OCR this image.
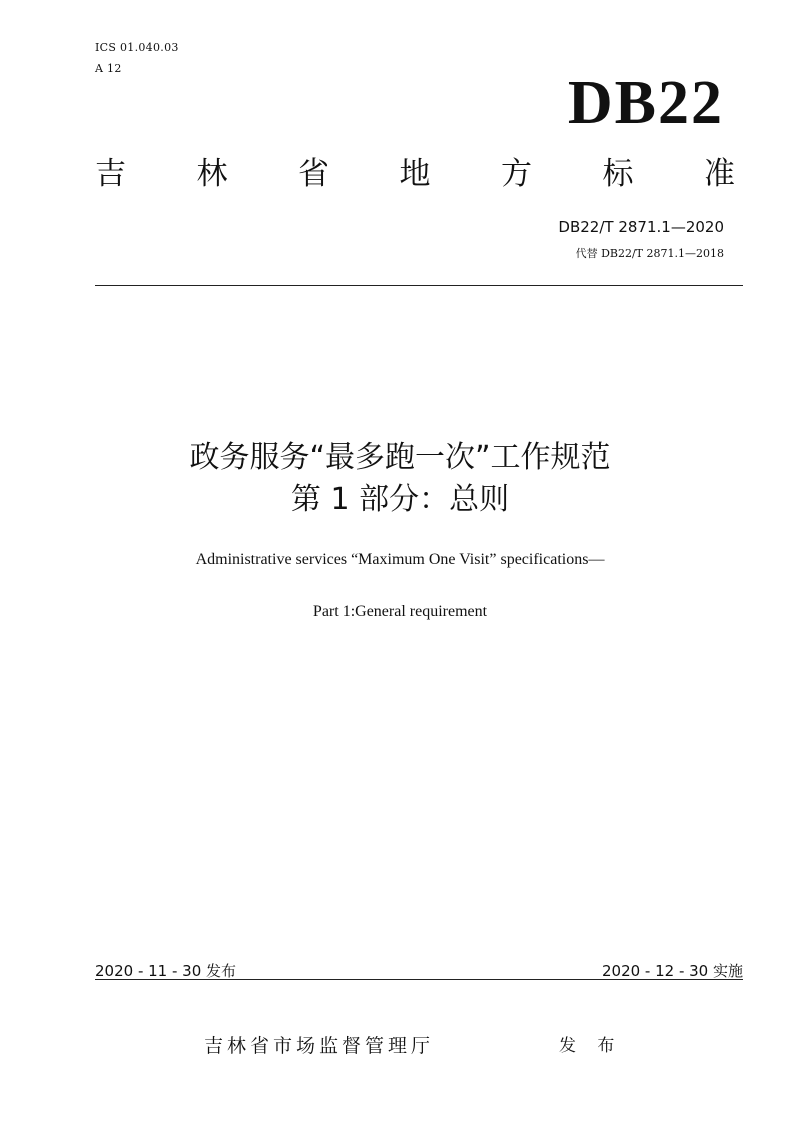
ICS 01.040.03
A 12
DB22
吉 林 省 地 方 标 准
DB22/T 2871.1—2020
代替 DB22/T 2871.1—2018
政务服务“最多跑一次”工作规范
第 1 部分：总则
Administrative services “Maximum One Visit” specifications—
Part 1:General requirement
2020 - 11 - 30 发布	2020 - 12 - 30 实施
吉林省市场监督管理厅	发 布
